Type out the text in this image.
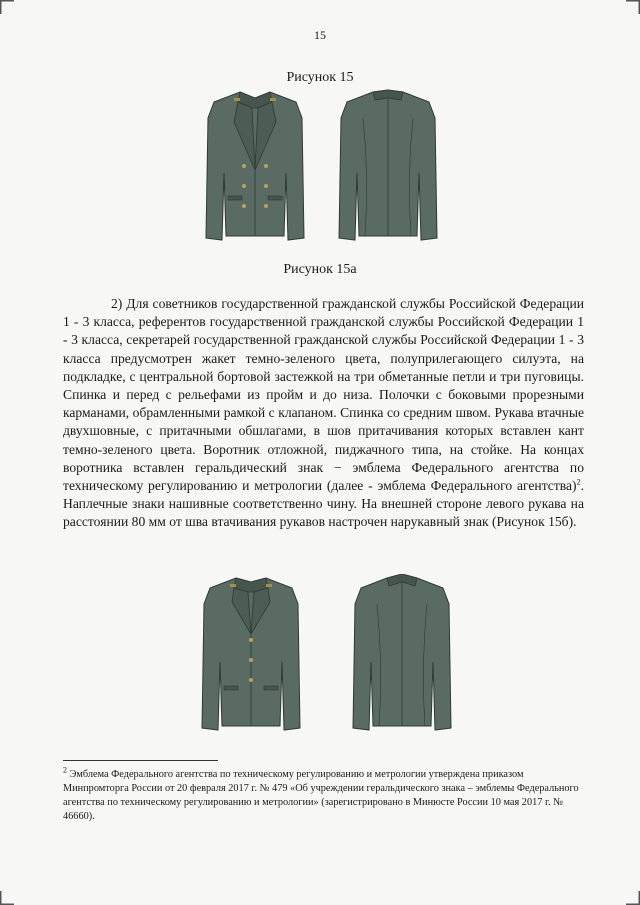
15
Рисунок 15
Рисунок 15а

2) Для советников государственной гражданской службы Российской Федерации 1 - 3 класса, референтов государственной гражданской службы Российской Федерации 1 - 3 класса, секретарей государственной гражданской службы Российской Федерации 1 - 3 класса предусмотрен жакет темно-зеленого цвета, полуприлегающего силуэта, на подкладке, с центральной бортовой застежкой на три обметанные петли и три пуговицы. Спинка и перед с рельефами из пройм и до низа. Полочки с боковыми прорезными карманами, обрамленными рамкой с клапаном. Спинка со средним швом. Рукава втачные двухшовные, с притачными обшлагами, в шов притачивания которых вставлен кант темно-зеленого цвета. Воротник отложной, пиджачного типа, на стойке. На концах воротника вставлен геральдический знак − эмблема Федерального агентства по техническому регулированию и метрологии (далее - эмблема Федерального агентства)$^2$. Наплечные знаки нашивные соответственно чину. На внешней стороне левого рукава на расстоянии 80 мм от шва втачивания рукавов настрочен нарукавный знак (Рисунок 15б).

$^2$ Эмблема Федерального агентства по техническому регулированию и метрологии утверждена приказом Минпромторга России от 20 февраля 2017 г. № 479 «Об учреждении геральдического знака – эмблемы Федерального агентства по техническому регулированию и метрологии» (зарегистрировано в Минюсте России 10 мая 2017 г. № 46660).
